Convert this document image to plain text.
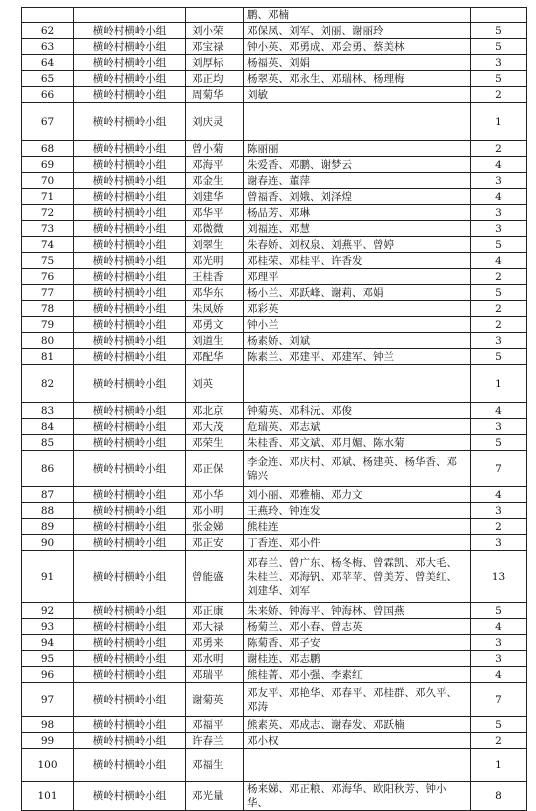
			鹏、邓楠	
62	横岭村横岭小组	刘小荣	邓保凤、刘军、刘丽、谢丽玲	5
63	横岭村横岭小组	邓宝禄	钟小英、邓勇成、邓会勇、蔡美林	5
64	横岭村横岭小组	刘厚标	杨福英、刘娟	3
65	横岭村横岭小组	邓正均	杨翠英、邓永生、邓瑞林、杨理梅	5
66	横岭村横岭小组	周菊华	刘敏	2
67	横岭村横岭小组	刘庆灵		1
68	横岭村横岭小组	曾小菊	陈丽丽	2
69	横岭村横岭小组	邓海平	朱爱香、邓鹏、谢梦云	4
70	横岭村横岭小组	邓金生	谢春连、董萍	3
71	横岭村横岭小组	刘建华	曾福香、刘娥、刘泽煌	4
72	横岭村横岭小组	邓华平	杨品芳、邓琳	3
73	横岭村横岭小组	邓微微	刘福连、邓慧	3
74	横岭村横岭小组	刘翠生	朱春娇、刘权泉、刘燕平、曾婷	5
75	横岭村横岭小组	邓光明	邓桂荣、邓桂平、许香发	4
76	横岭村横岭小组	王桂香	邓理平	2
77	横岭村横岭小组	邓华东	杨小兰、邓跃峰、谢莉、邓娟	5
78	横岭村横岭小组	朱凤娇	邓彩英	2
79	横岭村横岭小组	邓勇文	钟小兰	2
80	横岭村横岭小组	刘道生	杨素娇、刘斌	3
81	横岭村横岭小组	邓配华	陈素兰、邓建平、邓建军、钟兰	5
82	横岭村横岭小组	刘英		1
83	横岭村横岭小组	邓北京	钟菊英、邓科沅、邓俊	4
84	横岭村横岭小组	邓大茂	危瑞英、邓志斌	3
85	横岭村横岭小组	邓荣生	朱桂香、邓文斌、邓月媚、陈水菊	5
86	横岭村横岭小组	邓正保	李金连、邓庆村、邓斌、杨建英、杨华香、邓锦兴	7
87	横岭村横岭小组	邓小华	刘小丽、邓雅楠、邓力文	4
88	横岭村横岭小组	邓小明	王燕玲、钟连发	3
89	横岭村横岭小组	张金娣	熊桂连	2
90	横岭村横岭小组	邓正安	丁香连、邓小件	3
91	横岭村横岭小组	曾能盛	邓春兰、曾广东、杨冬梅、曾霖凯、邓大毛、朱桂兰、邓海钒、邓苹苹、曾美芳、曾美红、刘建华、刘军	13
92	横岭村横岭小组	邓正康	朱来娇、钟海平、钟海林、曾国燕	5
93	横岭村横岭小组	邓大禄	杨菊兰、邓小春、曾志英	4
94	横岭村横岭小组	邓勇来	陈菊香、邓子安	3
95	横岭村横岭小组	邓水明	谢桂连、邓志鹏	3
96	横岭村横岭小组	邓瑞平	熊桂菁、邓小强、李素红	4
97	横岭村横岭小组	谢菊英	邓友平、邓艳华、邓春平、邓桂群、邓久平、邓涛	7
98	横岭村横岭小组	邓福平	熊素英、邓成志、谢春发、邓跃楠	5
99	横岭村横岭小组	许春兰	邓小权	2
100	横岭村横岭小组	邓福生		1
101	横岭村横岭小组	邓光量	杨来娣、邓正粮、邓海华、欧阳秋芳、钟小华、	8
